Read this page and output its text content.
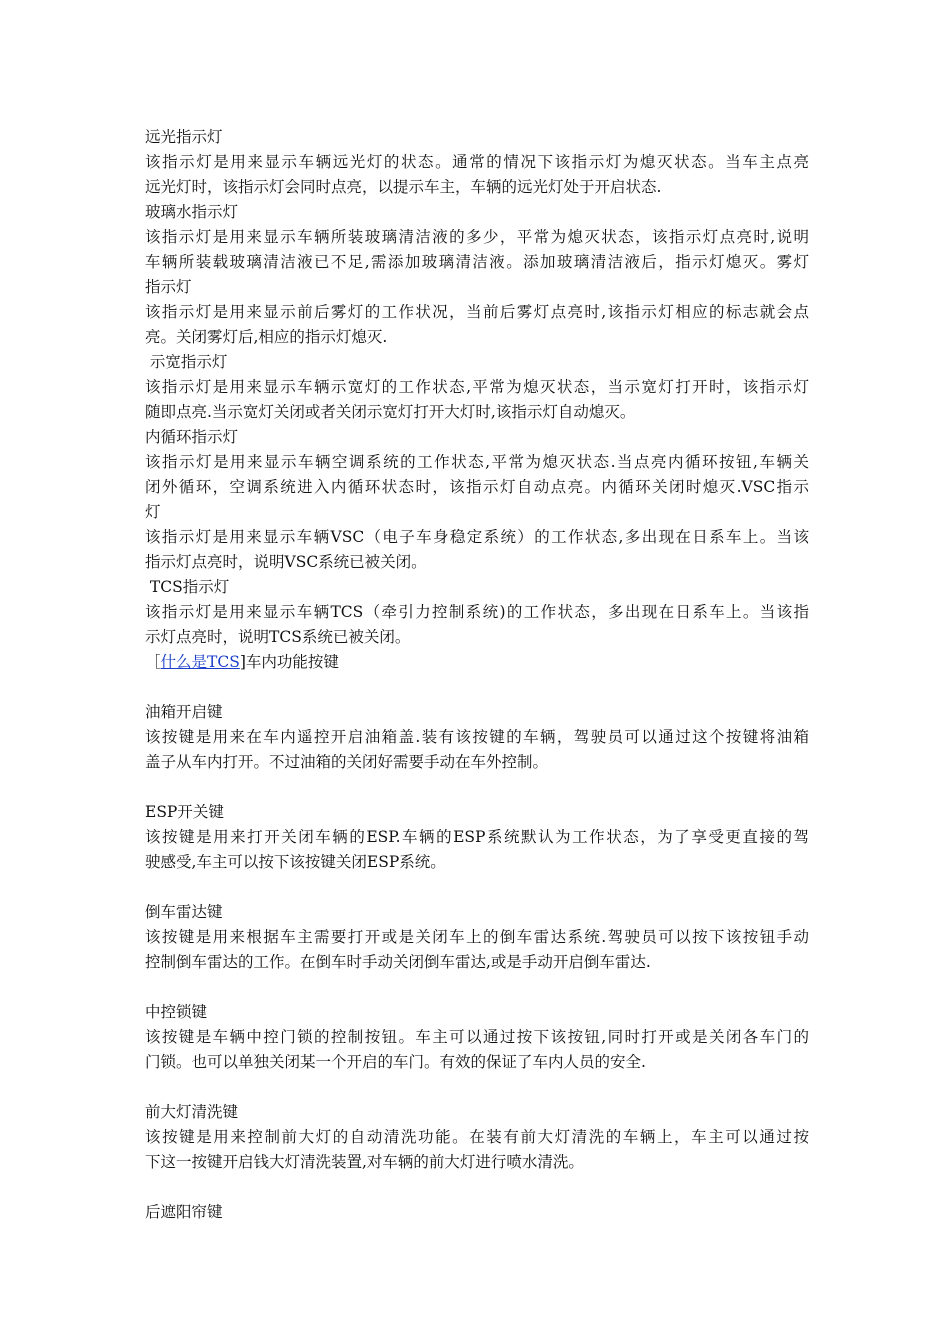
远光指示灯
该指示灯是用来显示车辆远光灯的状态。通常的情况下该指示灯为熄灭状态。当车主点亮
远光灯时，该指示灯会同时点亮，以提示车主，车辆的远光灯处于开启状态.
玻璃水指示灯
该指示灯是用来显示车辆所装玻璃清洁液的多少，平常为熄灭状态，该指示灯点亮时,说明
车辆所装载玻璃清洁液已不足,需添加玻璃清洁液。添加玻璃清洁液后，指示灯熄灭。雾灯
指示灯
该指示灯是用来显示前后雾灯的工作状况，当前后雾灯点亮时,该指示灯相应的标志就会点
亮。关闭雾灯后,相应的指示灯熄灭.
示宽指示灯
该指示灯是用来显示车辆示宽灯的工作状态,平常为熄灭状态，当示宽灯打开时，该指示灯
随即点亮.当示宽灯关闭或者关闭示宽灯打开大灯时,该指示灯自动熄灭。
内循环指示灯
该指示灯是用来显示车辆空调系统的工作状态,平常为熄灭状态.当点亮内循环按钮,车辆关
闭外循环，空调系统进入内循环状态时，该指示灯自动点亮。内循环关闭时熄灭.VSC指示
灯
该指示灯是用来显示车辆VSC（电子车身稳定系统）的工作状态,多出现在日系车上。当该
指示灯点亮时，说明VSC系统已被关闭。
TCS指示灯
该指示灯是用来显示车辆TCS（牵引力控制系统)的工作状态，多出现在日系车上。当该指
示灯点亮时，说明TCS系统已被关闭。
［什么是TCS]车内功能按键
油箱开启键
该按键是用来在车内遥控开启油箱盖.装有该按键的车辆，驾驶员可以通过这个按键将油箱
盖子从车内打开。不过油箱的关闭好需要手动在车外控制。
ESP开关键
该按键是用来打开关闭车辆的ESP.车辆的ESP系统默认为工作状态，为了享受更直接的驾
驶感受,车主可以按下该按键关闭ESP系统。
倒车雷达键
该按键是用来根据车主需要打开或是关闭车上的倒车雷达系统.驾驶员可以按下该按钮手动
控制倒车雷达的工作。在倒车时手动关闭倒车雷达,或是手动开启倒车雷达.
中控锁键
该按键是车辆中控门锁的控制按钮。车主可以通过按下该按钮,同时打开或是关闭各车门的
门锁。也可以单独关闭某一个开启的车门。有效的保证了车内人员的安全.
前大灯清洗键
该按键是用来控制前大灯的自动清洗功能。在装有前大灯清洗的车辆上，车主可以通过按
下这一按键开启钱大灯清洗装置,对车辆的前大灯进行喷水清洗。
后遮阳帘键
